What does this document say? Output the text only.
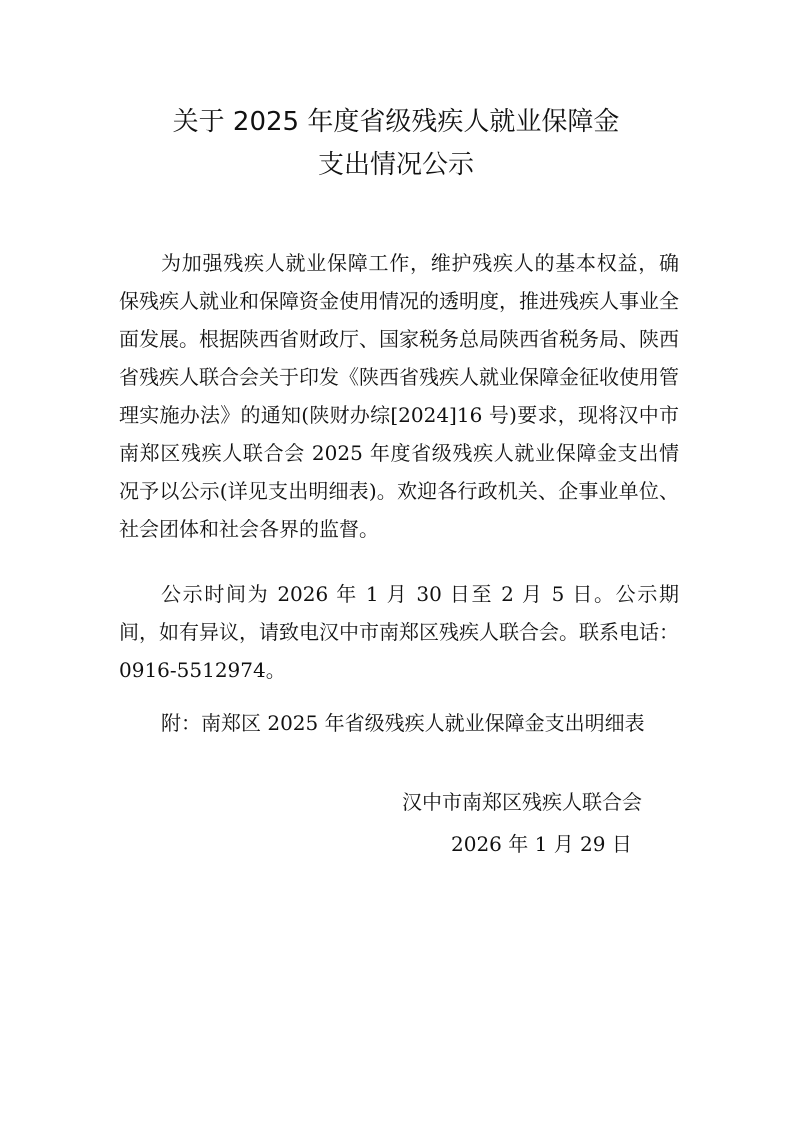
关于 2025 年度省级残疾人就业保障金
支出情况公示

为加强残疾人就业保障工作，维护残疾人的基本权益，确保残疾人就业和保障资金使用情况的透明度，推进残疾人事业全面发展。根据陕西省财政厅、国家税务总局陕西省税务局、陕西省残疾人联合会关于印发《陕西省残疾人就业保障金征收使用管理实施办法》的通知(陕财办综[2024]16 号)要求，现将汉中市南郑区残疾人联合会 2025 年度省级残疾人就业保障金支出情况予以公示(详见支出明细表)。欢迎各行政机关、企事业单位、社会团体和社会各界的监督。

公示时间为 2026 年 1 月 30 日至 2 月 5 日。公示期间，如有异议，请致电汉中市南郑区残疾人联合会。联系电话：0916-5512974。

附：南郑区 2025 年省级残疾人就业保障金支出明细表

汉中市南郑区残疾人联合会

2026 年 1 月 29 日
